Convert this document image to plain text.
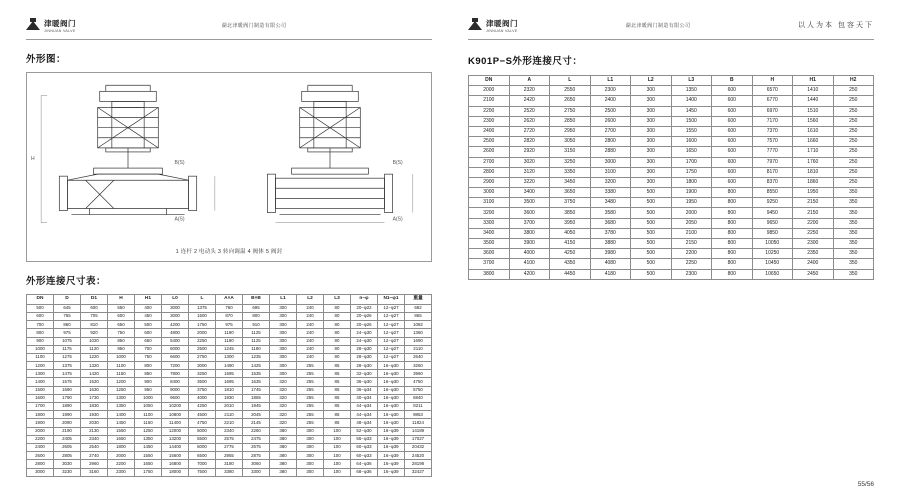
津暖阀门
JINNUAN VALVE
湖北津暖阀门制造有限公司
外形图：
B(S)
A(S)
H
B(S)
A(S)
1 连杆 2 电动头 3 转向调温 4 阀体 5 阀封
外形连接尺寸表：
DN	D	D1	H	H1	L0	L	A×A	B×B	L1	L2	L3	n−φ	N1−φ1	重量
500	645	600	550	400	3000	1375	760	695	300	240	80	20−φ22	12−φ27	682
600	755	705	600	450	3000	1500	870	800	300	240	80	20−φ26	12−φ27	865
700	860	810	650	500	4200	1750	975	910	300	240	80	20−φ26	12−φ27	1082
800	975	920	750	600	4800	2000	1190	1125	300	240	80	24−φ30	12−φ27	1360
900	1075	1020	850	650	5400	2250	1190	1125	300	240	80	24−φ30	12−φ27	1690
1000	1175	1120	950	700	6000	2500	1245	1180	300	240	80	28−φ30	12−φ27	2110
1100	1275	1220	1000	750	6600	2750	1300	1235	300	240	80	28−φ30	12−φ27	2640
1200	1375	1320	1100	800	7200	3000	1490	1425	300	255	85	28−φ30	16−φ30	3260
1300	1475	1420	1150	850	7800	3250	1595	1535	300	255	85	32−φ30	16−φ30	3960
1400	1575	1520	1200	900	8400	3500	1695	1635	320	255	85	36−φ30	16−φ30	4750
1500	1690	1630	1250	950	9000	3750	1810	1745	320	255	85	36−φ34	16−φ30	5750
1600	1790	1730	1300	1000	9600	4000	1930	1865	320	255	85	40−φ34	16−φ30	6840
1700	1890	1830	1350	1050	10200	4250	2010	1945	320	255	85	44−φ34	16−φ30	8211
1800	1990	1930	1400	1100	10800	4500	2110	2045	320	255	85	44−φ34	16−φ30	9853
1900	2090	2030	1450	1150	11400	4750	2210	2145	320	255	85	48−φ34	16−φ30	11824
2000	2190	2130	1550	1250	12000	5000	2340	2260	380	300	100	52−φ30	16−φ39	14189
2200	2405	2340	1650	1350	13200	5500	2575	2475	380	300	100	56−φ33	16−φ39	17027
2400	2605	2540	1800	1450	14400	6000	2775	2675	380	300	100	60−φ33	16−φ39	20432
2600	2805	2740	2000	1550	15600	6500	2955	2875	380	300	100	60−φ33	16−φ39	24520
2800	3030	2960	2200	1650	16800	7000	3180	3060	380	300	100	64−φ36	16−φ39	28198
3000	3230	3160	2300	1750	18000	7500	3380	3300	380	300	100	68−φ36	16−φ39	32427
津暖阀门
JINNUAN VALVE
湖北津暖阀门制造有限公司	以人为本 包容天下
K901P−S外形连接尺寸：
DN	A	L	L1	L2	L3	B	H	H1	H2
2000	2320	2550	2300	300	1350	600	6570	1410	250
2100	2420	2650	2400	300	1400	600	6770	1440	250
2200	2520	2750	2500	300	1450	600	6970	1510	250
2300	2620	2850	2600	300	1500	600	7170	1560	250
2400	2720	2950	2700	300	1550	600	7370	1610	250
2500	2820	3050	2800	300	1600	600	7570	1660	250
2600	2920	3150	2880	300	1650	600	7770	1710	250
2700	3020	3250	3000	300	1700	600	7970	1760	250
2800	3120	3350	3100	300	1750	600	8170	1810	250
2900	3220	3450	3200	300	1800	600	8370	1860	250
3000	3400	3650	3380	500	1900	800	8550	1950	350
3100	3500	3750	3480	500	1950	800	9250	2150	350
3200	3600	3850	3580	500	2000	800	9450	2150	350
3300	3700	3950	3680	500	2050	800	9650	2200	350
3400	3800	4050	3780	500	2100	800	9850	2250	350
3500	3900	4150	3880	500	2150	800	10050	2300	350
3600	4000	4250	3980	500	2200	800	10250	2350	350
3700	4100	4350	4080	500	2250	800	10450	2400	350
3800	4200	4450	4180	500	2300	800	10650	2450	350
55/56
